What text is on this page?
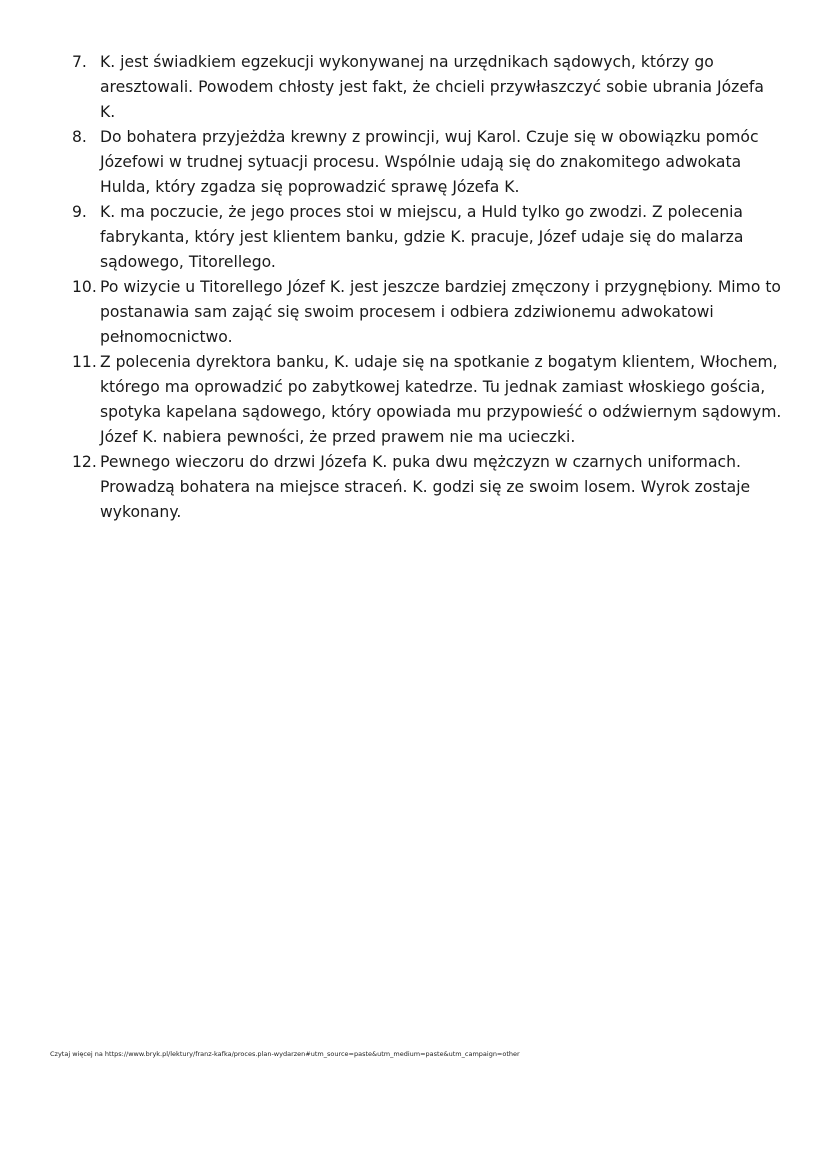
7. K. jest świadkiem egzekucji wykonywanej na urzędnikach sądowych, którzy go aresztowali. Powodem chłosty jest fakt, że chcieli przywłaszczyć sobie ubrania Józefa K.
8. Do bohatera przyjeżdża krewny z prowincji, wuj Karol. Czuje się w obowiązku pomóc Józefowi w trudnej sytuacji procesu. Wspólnie udają się do znakomitego adwokata Hulda, który zgadza się poprowadzić sprawę Józefa K.
9. K. ma poczucie, że jego proces stoi w miejscu, a Huld tylko go zwodzi. Z polecenia fabrykanta, który jest klientem banku, gdzie K. pracuje, Józef udaje się do malarza sądowego, Titorellego.
10. Po wizycie u Titorellego Józef K. jest jeszcze bardziej zmęczony i przygnębiony. Mimo to postanawia sam zająć się swoim procesem i odbiera zdziwionemu adwokatowi pełnomocnictwo.
11. Z polecenia dyrektora banku, K. udaje się na spotkanie z bogatym klientem, Włochem, którego ma oprowadzić po zabytkowej katedrze. Tu jednak zamiast włoskiego gościa, spotyka kapelana sądowego, który opowiada mu przypowieść o odźwiernym sądowym. Józef K. nabiera pewności, że przed prawem nie ma ucieczki.
12. Pewnego wieczoru do drzwi Józefa K. puka dwu mężczyzn w czarnych uniformach. Prowadzą bohatera na miejsce straceń. K. godzi się ze swoim losem. Wyrok zostaje wykonany.
Czytaj więcej na https://www.bryk.pl/lektury/franz-kafka/proces.plan-wydarzen#utm_source=paste&utm_medium=paste&utm_campaign=other
